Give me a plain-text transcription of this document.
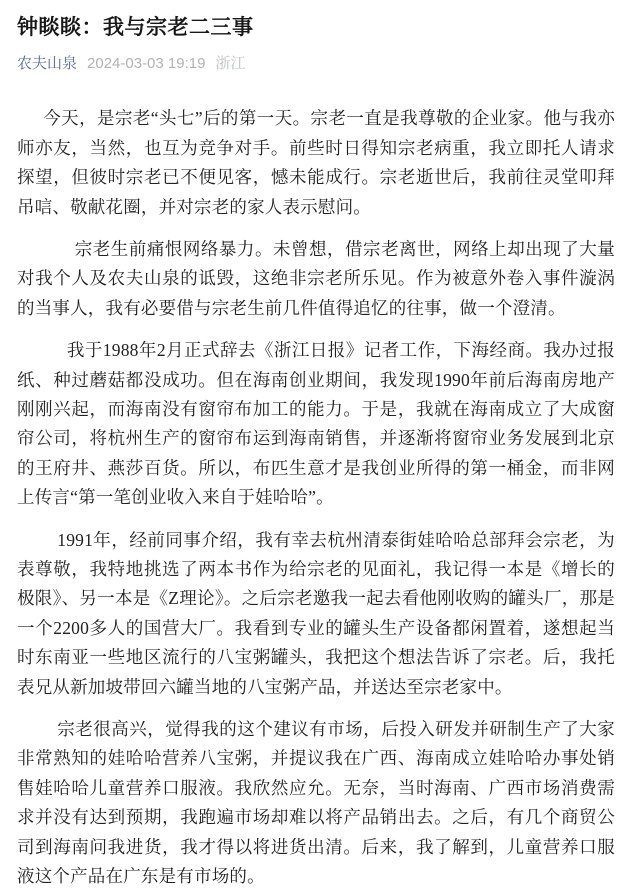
钟睒睒：我与宗老二三事
农夫山泉 2024-03-03 19:19 浙江

今天，是宗老“头七”后的第一天。宗老一直是我尊敬的企业家。他与我亦师亦友，当然，也互为竞争对手。前些时日得知宗老病重，我立即托人请求探望，但彼时宗老已不便见客，憾未能成行。宗老逝世后，我前往灵堂叩拜吊唁、敬献花圈，并对宗老的家人表示慰问。

宗老生前痛恨网络暴力。未曾想，借宗老离世，网络上却出现了大量对我个人及农夫山泉的诋毁，这绝非宗老所乐见。作为被意外卷入事件漩涡的当事人，我有必要借与宗老生前几件值得追忆的往事，做一个澄清。

我于1988年2月正式辞去《浙江日报》记者工作，下海经商。我办过报纸、种过蘑菇都没成功。但在海南创业期间，我发现1990年前后海南房地产刚刚兴起，而海南没有窗帘布加工的能力。于是，我就在海南成立了大成窗帘公司，将杭州生产的窗帘布运到海南销售，并逐渐将窗帘业务发展到北京的王府井、燕莎百货。所以，布匹生意才是我创业所得的第一桶金，而非网上传言“第一笔创业收入来自于娃哈哈”。

1991年，经前同事介绍，我有幸去杭州清泰街娃哈哈总部拜会宗老，为表尊敬，我特地挑选了两本书作为给宗老的见面礼，我记得一本是《增长的极限》、另一本是《Z理论》。之后宗老邀我一起去看他刚收购的罐头厂，那是一个2200多人的国营大厂。我看到专业的罐头生产设备都闲置着，遂想起当时东南亚一些地区流行的八宝粥罐头，我把这个想法告诉了宗老。后，我托表兄从新加坡带回六罐当地的八宝粥产品，并送达至宗老家中。

宗老很高兴，觉得我的这个建议有市场，后投入研发并研制生产了大家非常熟知的娃哈哈营养八宝粥，并提议我在广西、海南成立娃哈哈办事处销售娃哈哈儿童营养口服液。我欣然应允。无奈，当时海南、广西市场消费需求并没有达到预期，我跑遍市场却难以将产品销出去。之后，有几个商贸公司到海南问我进货，我才得以将进货出清。后来，我了解到，儿童营养口服液这个产品在广东是有市场的。
